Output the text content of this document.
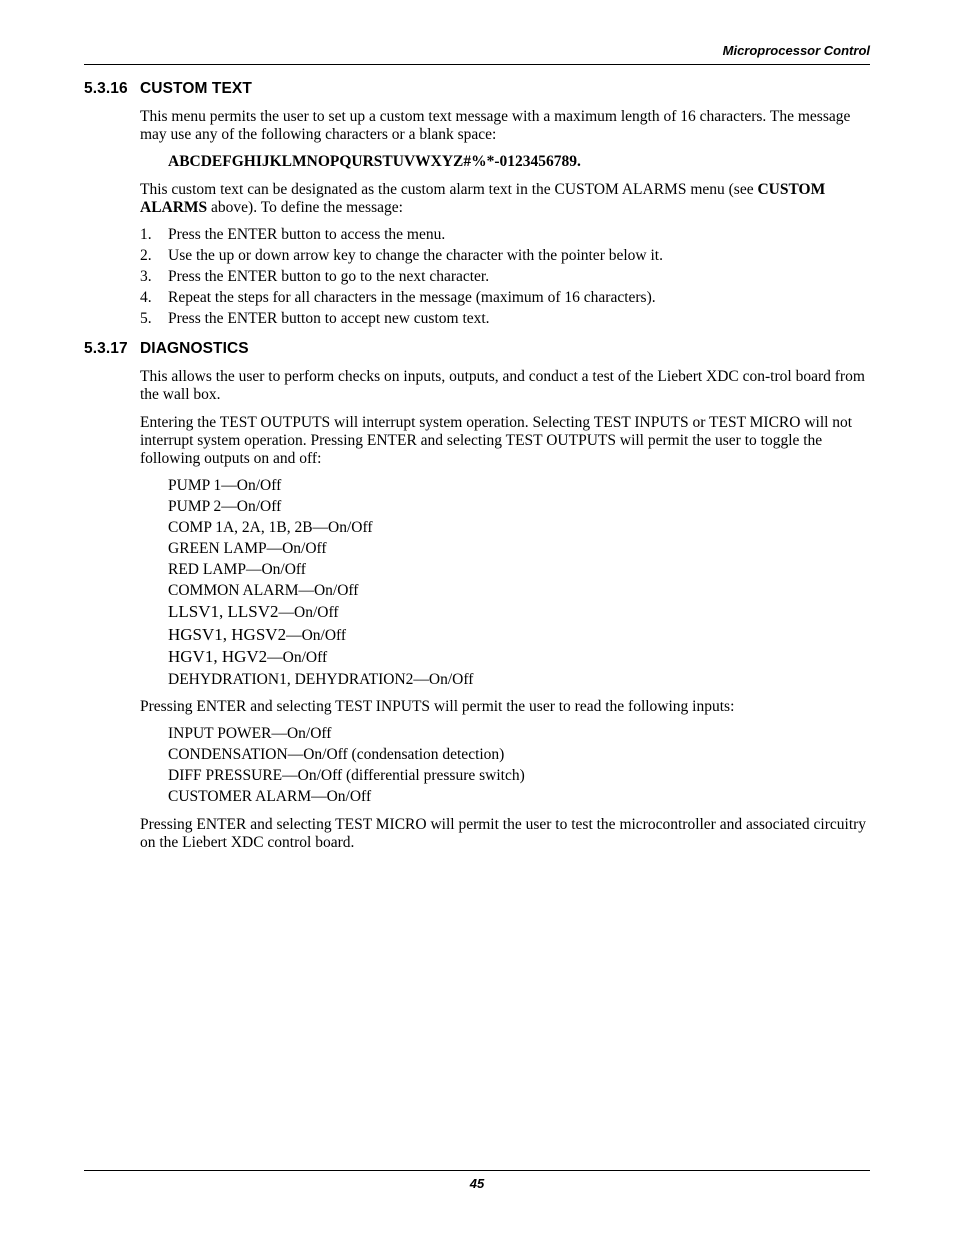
Microprocessor Control
5.3.16 CUSTOM TEXT
This menu permits the user to set up a custom text message with a maximum length of 16 characters. The message may use any of the following characters or a blank space:
ABCDEFGHIJKLMNOPQURSTUVWXYZ#%*-0123456789.
This custom text can be designated as the custom alarm text in the CUSTOM ALARMS menu (see CUSTOM ALARMS above). To define the message:
1. Press the ENTER button to access the menu.
2. Use the up or down arrow key to change the character with the pointer below it.
3. Press the ENTER button to go to the next character.
4. Repeat the steps for all characters in the message (maximum of 16 characters).
5. Press the ENTER button to accept new custom text.
5.3.17 DIAGNOSTICS
This allows the user to perform checks on inputs, outputs, and conduct a test of the Liebert XDC con-trol board from the wall box.
Entering the TEST OUTPUTS will interrupt system operation. Selecting TEST INPUTS or TEST MICRO will not interrupt system operation. Pressing ENTER and selecting TEST OUTPUTS will permit the user to toggle the following outputs on and off:
PUMP 1—On/Off
PUMP 2—On/Off
COMP 1A, 2A, 1B, 2B—On/Off
GREEN LAMP—On/Off
RED LAMP—On/Off
COMMON ALARM—On/Off
LLSV1, LLSV2—On/Off
HGSV1, HGSV2—On/Off
HGV1, HGV2—On/Off
DEHYDRATION1, DEHYDRATION2—On/Off
Pressing ENTER and selecting TEST INPUTS will permit the user to read the following inputs:
INPUT POWER—On/Off
CONDENSATION—On/Off (condensation detection)
DIFF PRESSURE—On/Off (differential pressure switch)
CUSTOMER ALARM—On/Off
Pressing ENTER and selecting TEST MICRO will permit the user to test the microcontroller and associated circuitry on the Liebert XDC control board.
45
